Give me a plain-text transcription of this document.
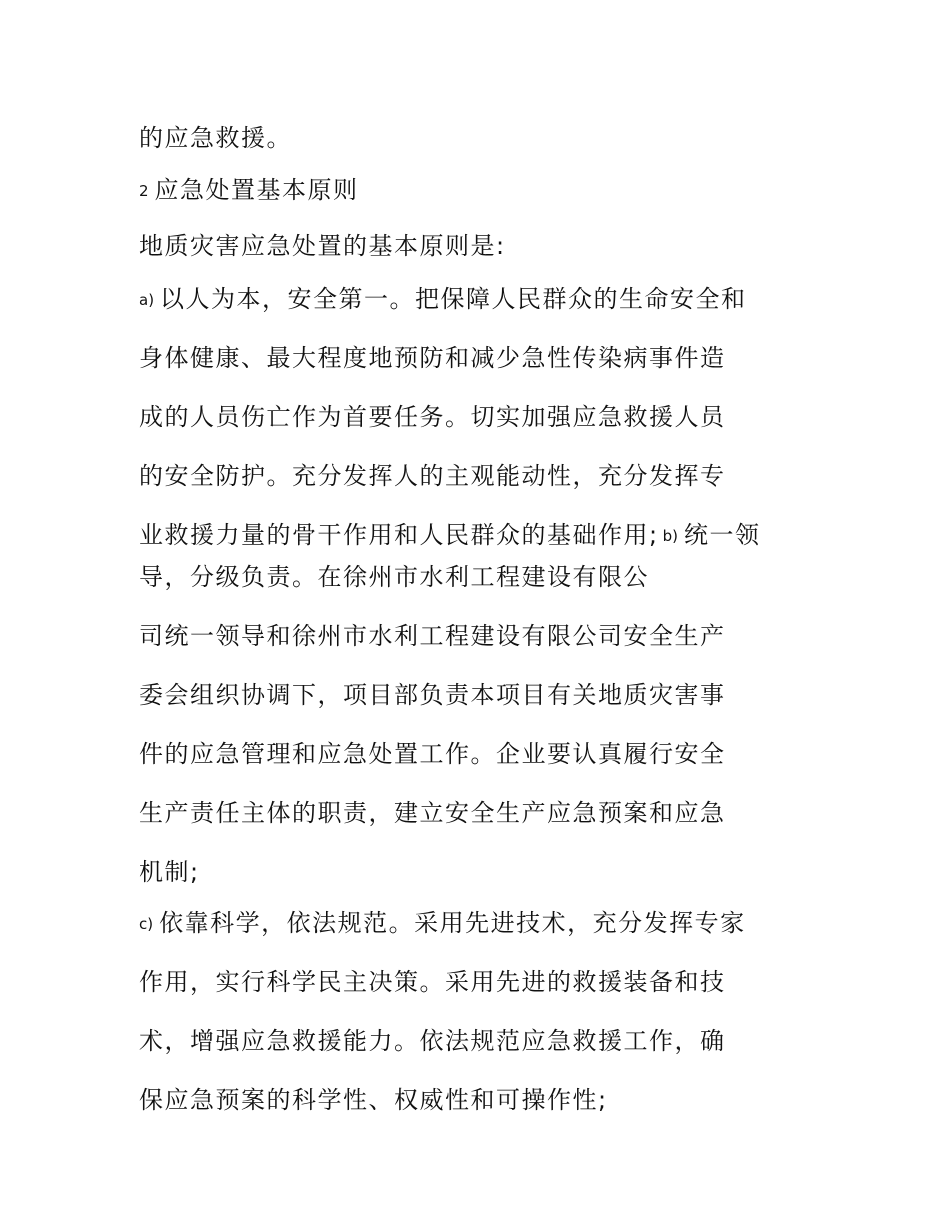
的应急救援。
2 应急处置基本原则
地质灾害应急处置的基本原则是:
a) 以人为本，安全第一。把保障人民群众的生命安全和
身体健康、最大程度地预防和减少急性传染病事件造
成的人员伤亡作为首要任务。切实加强应急救援人员
的安全防护。充分发挥人的主观能动性，充分发挥专
业救援力量的骨干作用和人民群众的基础作用; b) 统一领
导，分级负责。在徐州市水利工程建设有限公
司统一领导和徐州市水利工程建设有限公司安全生产
委会组织协调下，项目部负责本项目有关地质灾害事
件的应急管理和应急处置工作。企业要认真履行安全
生产责任主体的职责，建立安全生产应急预案和应急
机制;
c) 依靠科学，依法规范。采用先进技术，充分发挥专家
作用，实行科学民主决策。采用先进的救援装备和技
术，增强应急救援能力。依法规范应急救援工作，确
保应急预案的科学性、权威性和可操作性;
